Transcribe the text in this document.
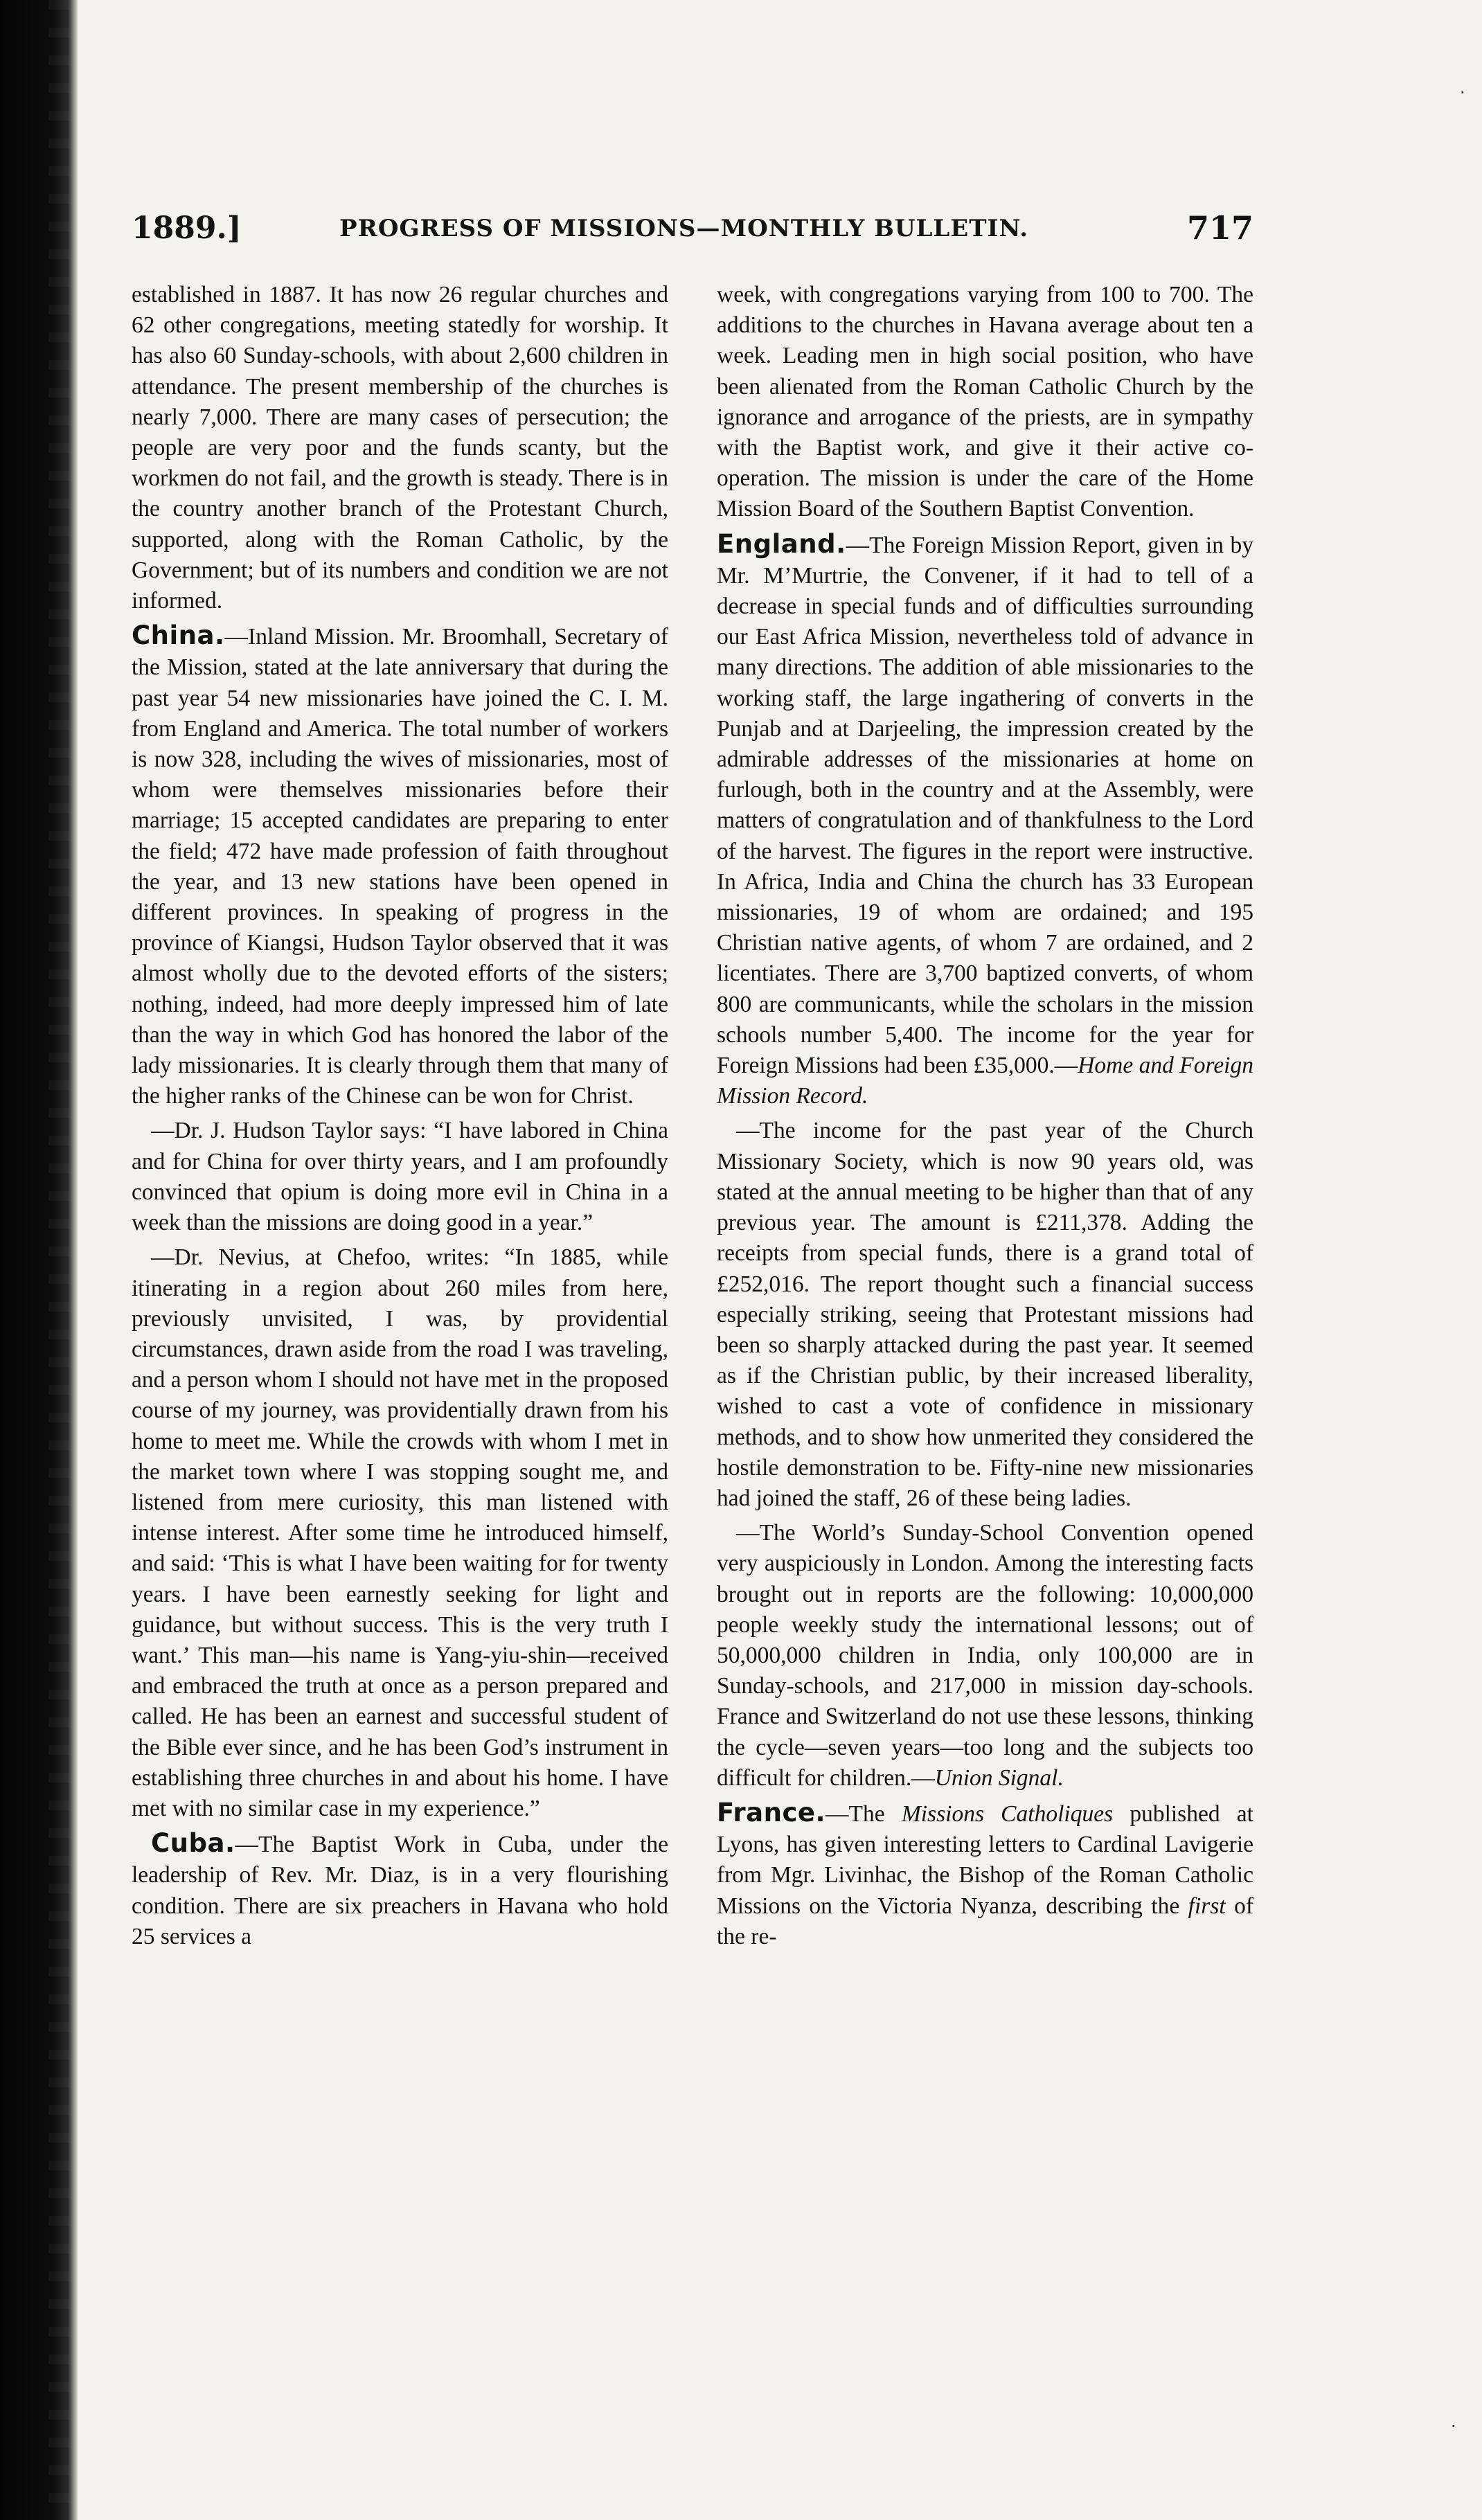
1889.]	PROGRESS OF MISSIONS—MONTHLY BULLETIN.	717

established in 1887. It has now 26 regular churches and 62 other congregations, meeting statedly for worship. It has also 60 Sunday-schools, with about 2,600 children in attendance. The present membership of the churches is nearly 7,000. There are many cases of persecution; the people are very poor and the funds scanty, but the workmen do not fail, and the growth is steady. There is in the country another branch of the Protestant Church, supported, along with the Roman Catholic, by the Government; but of its numbers and condition we are not informed.

China.—Inland Mission. Mr. Broomhall, Secretary of the Mission, stated at the late anniversary that during the past year 54 new missionaries have joined the C. I. M. from England and America. The total number of workers is now 328, including the wives of missionaries, most of whom were themselves missionaries before their marriage; 15 accepted candidates are preparing to enter the field; 472 have made profession of faith throughout the year, and 13 new stations have been opened in different provinces. In speaking of progress in the province of Kiangsi, Hudson Taylor observed that it was almost wholly due to the devoted efforts of the sisters; nothing, indeed, had more deeply impressed him of late than the way in which God has honored the labor of the lady missionaries. It is clearly through them that many of the higher ranks of the Chinese can be won for Christ.

—Dr. J. Hudson Taylor says: “I have labored in China and for China for over thirty years, and I am profoundly convinced that opium is doing more evil in China in a week than the missions are doing good in a year.”

—Dr. Nevius, at Chefoo, writes: “In 1885, while itinerating in a region about 260 miles from here, previously unvisited, I was, by providential circumstances, drawn aside from the road I was traveling, and a person whom I should not have met in the proposed course of my journey, was providentially drawn from his home to meet me. While the crowds with whom I met in the market town where I was stopping sought me, and listened from mere curiosity, this man listened with intense interest. After some time he introduced himself, and said: ‘This is what I have been waiting for for twenty years. I have been earnestly seeking for light and guidance, but without success. This is the very truth I want.’ This man—his name is Yang-yiu-shin—received and embraced the truth at once as a person prepared and called. He has been an earnest and successful student of the Bible ever since, and he has been God’s instrument in establishing three churches in and about his home. I have met with no similar case in my experience.”

Cuba.—The Baptist Work in Cuba, under the leadership of Rev. Mr. Diaz, is in a very flourishing condition. There are six preachers in Havana who hold 25 services a

week, with congregations varying from 100 to 700. The additions to the churches in Havana average about ten a week. Leading men in high social position, who have been alienated from the Roman Catholic Church by the ignorance and arrogance of the priests, are in sympathy with the Baptist work, and give it their active co-operation. The mission is under the care of the Home Mission Board of the Southern Baptist Convention.

England.—The Foreign Mission Report, given in by Mr. M’Murtrie, the Convener, if it had to tell of a decrease in special funds and of difficulties surrounding our East Africa Mission, nevertheless told of advance in many directions. The addition of able missionaries to the working staff, the large ingathering of converts in the Punjab and at Darjeeling, the impression created by the admirable addresses of the missionaries at home on furlough, both in the country and at the Assembly, were matters of congratulation and of thankfulness to the Lord of the harvest. The figures in the report were instructive. In Africa, India and China the church has 33 European missionaries, 19 of whom are ordained; and 195 Christian native agents, of whom 7 are ordained, and 2 licentiates. There are 3,700 baptized converts, of whom 800 are communicants, while the scholars in the mission schools number 5,400. The income for the year for Foreign Missions had been £35,000.—Home and Foreign Mission Record.

—The income for the past year of the Church Missionary Society, which is now 90 years old, was stated at the annual meeting to be higher than that of any previous year. The amount is £211,378. Adding the receipts from special funds, there is a grand total of £252,016. The report thought such a financial success especially striking, seeing that Protestant missions had been so sharply attacked during the past year. It seemed as if the Christian public, by their increased liberality, wished to cast a vote of confidence in missionary methods, and to show how unmerited they considered the hostile demonstration to be. Fifty-nine new missionaries had joined the staff, 26 of these being ladies.

—The World’s Sunday-School Convention opened very auspiciously in London. Among the interesting facts brought out in reports are the following: 10,000,000 people weekly study the international lessons; out of 50,000,000 children in India, only 100,000 are in Sunday-schools, and 217,000 in mission day-schools. France and Switzerland do not use these lessons, thinking the cycle—seven years—too long and the subjects too difficult for children.—Union Signal.

France.—The Missions Catholiques published at Lyons, has given interesting letters to Cardinal Lavigerie from Mgr. Livinhac, the Bishop of the Roman Catholic Missions on the Victoria Nyanza, describing the first of the re-

·
·
